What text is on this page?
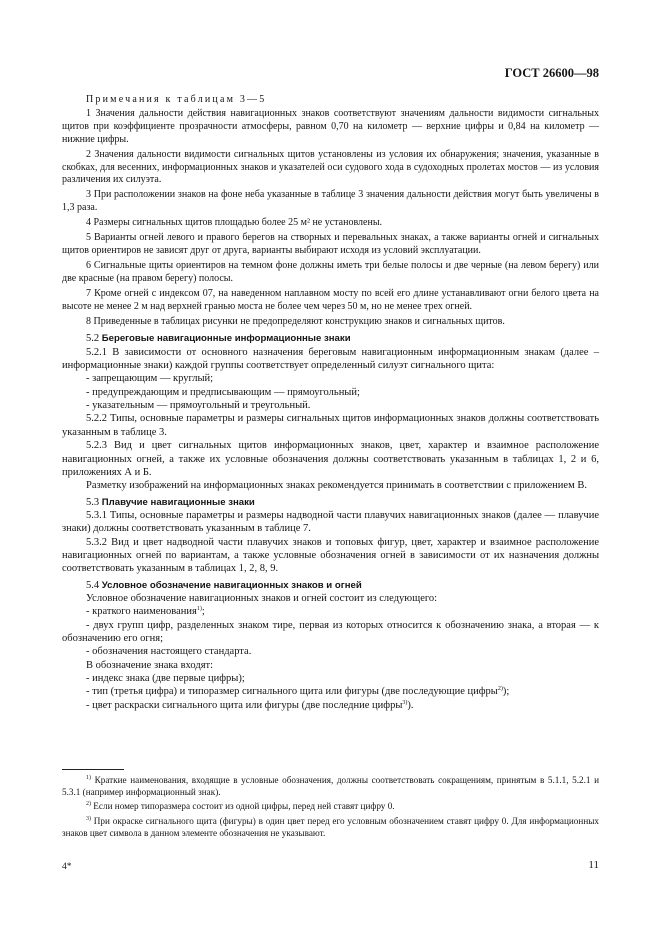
ГОСТ 26600—98

Примечания к таблицам 3—5

1 Значения дальности действия навигационных знаков соответствуют значениям дальности видимости сигнальных щитов при коэффициенте прозрачности атмосферы, равном 0,70 на километр — верхние цифры и 0,84 на километр — нижние цифры.

2 Значения дальности видимости сигнальных щитов установлены из условия их обнаружения; значения, указанные в скобках, для весенних, информационных знаков и указателей оси судового хода в судоходных пролетах мостов — из условия различения их силуэта.

3 При расположении знаков на фоне неба указанные в таблице 3 значения дальности действия могут быть увеличены в 1,3 раза.

4 Размеры сигнальных щитов площадью более 25 м² не установлены.

5 Варианты огней левого и правого берегов на створных и перевальных знаках, а также варианты огней и сигнальных щитов ориентиров не зависят друг от друга, варианты выбирают исходя из условий эксплуатации.

6 Сигнальные щиты ориентиров на темном фоне должны иметь три белые полосы и две черные (на левом берегу) или две красные (на правом берегу) полосы.

7 Кроме огней с индексом 07, на наведенном наплавном мосту по всей его длине устанавливают огни белого цвета на высоте не менее 2 м над верхней гранью моста не более чем через 50 м, но не менее трех огней.

8 Приведенные в таблицах рисунки не предопределяют конструкцию знаков и сигнальных щитов.

5.2 Береговые навигационные информационные знаки

5.2.1 В зависимости от основного назначения береговым навигационным информационным знакам (далее – информационные знаки) каждой группы соответствует определенный силуэт сигнального щита:

- запрещающим — круглый;

- предупреждающим и предписывающим — прямоугольный;

- указательным — прямоугольный и треугольный.

5.2.2 Типы, основные параметры и размеры сигнальных щитов информационных знаков должны соответствовать указанным в таблице 3.

5.2.3 Вид и цвет сигнальных щитов информационных знаков, цвет, характер и взаимное расположение навигационных огней, а также их условные обозначения должны соответствовать указанным в таблицах 1, 2 и 6, приложениях А и Б.

Разметку изображений на информационных знаках рекомендуется принимать в соответствии с приложением В.

5.3 Плавучие навигационные знаки

5.3.1 Типы, основные параметры и размеры надводной части плавучих навигационных знаков (далее — плавучие знаки) должны соответствовать указанным в таблице 7.

5.3.2 Вид и цвет надводной части плавучих знаков и топовых фигур, цвет, характер и взаимное расположение навигационных огней по вариантам, а также условные обозначения огней в зависимости от их назначения должны соответствовать указанным в таблицах 1, 2, 8, 9.

5.4 Условное обозначение навигационных знаков и огней

Условное обозначение навигационных знаков и огней состоит из следующего:

- краткого наименования$^{1)}$;

- двух групп цифр, разделенных знаком тире, первая из которых относится к обозначению знака, а вторая — к обозначению его огня;

- обозначения настоящего стандарта.

В обозначение знака входят:

- индекс знака (две первые цифры);

- тип (третья цифра) и типоразмер сигнального щита или фигуры (две последующие цифры$^{2)}$);

- цвет раскраски сигнального щита или фигуры (две последние цифры$^{3)}$).

$^{1)}$ Краткие наименования, входящие в условные обозначения, должны соответствовать сокращениям, принятым в 5.1.1, 5.2.1 и 5.3.1 (например информационный знак).

$^{2)}$ Если номер типоразмера состоит из одной цифры, перед ней ставят цифру 0.

$^{3)}$ При окраске сигнального щита (фигуры) в один цвет перед его условным обозначением ставят цифру 0. Для информационных знаков цвет символа в данном элементе обозначения не указывают.

4*	11
